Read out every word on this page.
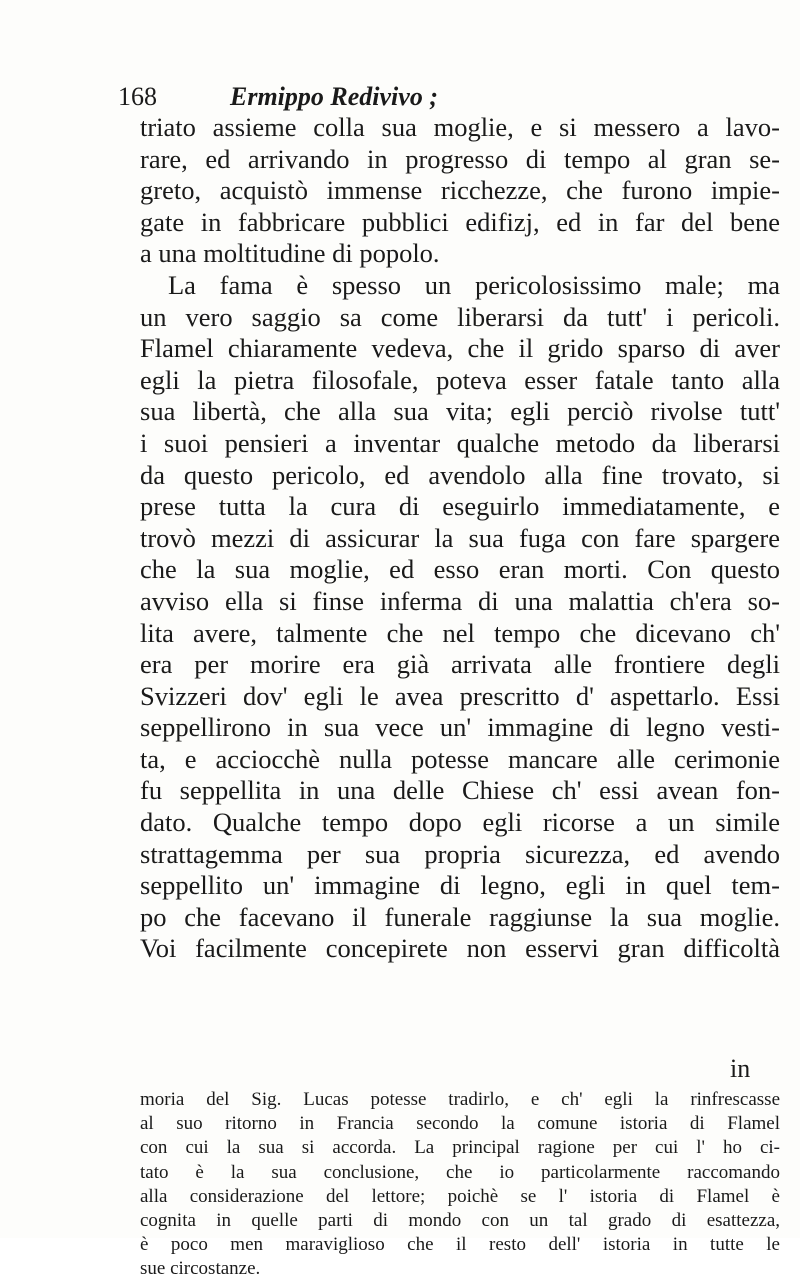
168	Ermippo Redivivo ;
triato assieme colla sua moglie, e si messero a lavo-
rare, ed arrivando in progresso di tempo al gran se-
greto, acquistò immense ricchezze, che furono impie-
gate in fabbricare pubblici edifizj, ed in far del bene
a una moltitudine di popolo.
La fama è spesso un pericolosissimo male; ma
un vero saggio sa come liberarsi da tutt' i pericoli.
Flamel chiaramente vedeva, che il grido sparso di aver
egli la pietra filosofale, poteva esser fatale tanto alla
sua libertà, che alla sua vita; egli perciò rivolse tutt'
i suoi pensieri a inventar qualche metodo da liberarsi
da questo pericolo, ed avendolo alla fine trovato, si
prese tutta la cura di eseguirlo immediatamente, e
trovò mezzi di assicurar la sua fuga con fare spargere
che la sua moglie, ed esso eran morti. Con questo
avviso ella si finse inferma di una malattia ch'era so-
lita avere, talmente che nel tempo che dicevano ch'
era per morire era già arrivata alle frontiere degli
Svizzeri dov' egli le avea prescritto d' aspettarlo. Essi
seppellirono in sua vece un' immagine di legno vesti-
ta, e acciocchè nulla potesse mancare alle cerimonie
fu seppellita in una delle Chiese ch' essi avean fon-
dato. Qualche tempo dopo egli ricorse a un simile
strattagemma per sua propria sicurezza, ed avendo
seppellito un' immagine di legno, egli in quel tem-
po che facevano il funerale raggiunse la sua moglie.
Voi facilmente concepirete non esservi gran difficoltà
in
moria del Sig. Lucas potesse tradirlo, e ch' egli la rinfrescasse
al suo ritorno in Francia secondo la comune istoria di Flamel
con cui la sua si accorda. La principal ragione per cui l' ho ci-
tato è la sua conclusione, che io particolarmente raccomando
alla considerazione del lettore; poichè se l' istoria di Flamel è
cognita in quelle parti di mondo con un tal grado di esattezza,
è poco men maraviglioso che il resto dell' istoria in tutte le
sue circostanze.
